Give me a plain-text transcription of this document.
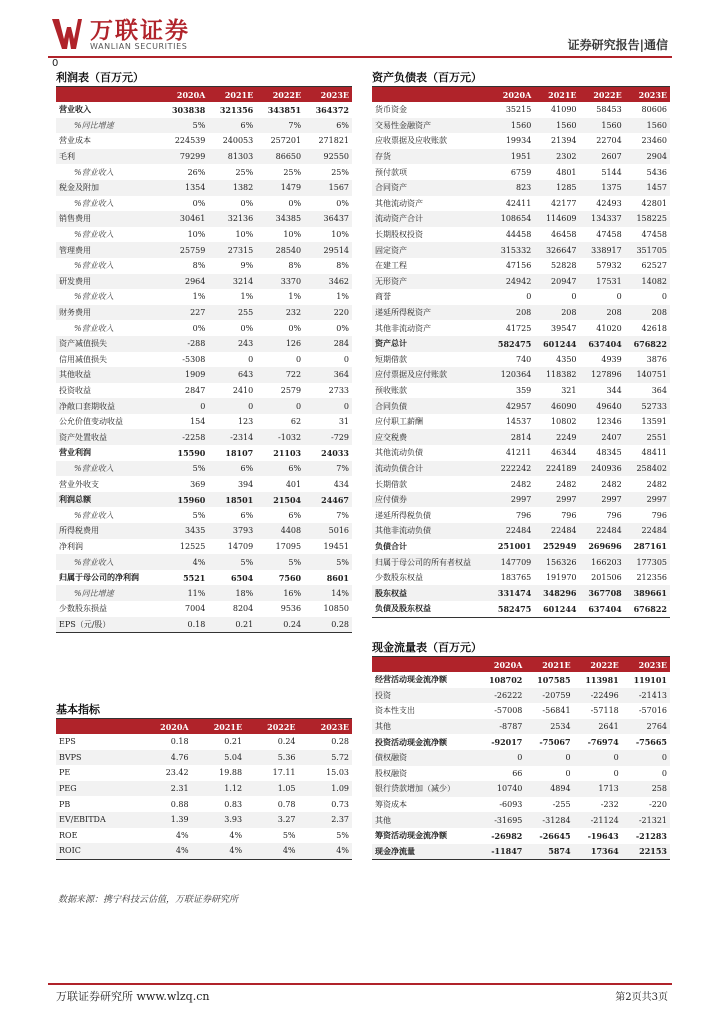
万联证券
WANLIAN SECURITIES	证券研究报告|通信
0
利润表（百万元）
	2020A	2021E	2022E	2023E
营业收入	303838	321356	343851	364372
%同比增速	5%	6%	7%	6%
营业成本	224539	240053	257201	271821
毛利	79299	81303	86650	92550
%营业收入	26%	25%	25%	25%
税金及附加	1354	1382	1479	1567
%营业收入	0%	0%	0%	0%
销售费用	30461	32136	34385	36437
%营业收入	10%	10%	10%	10%
管理费用	25759	27315	28540	29514
%营业收入	8%	9%	8%	8%
研发费用	2964	3214	3370	3462
%营业收入	1%	1%	1%	1%
财务费用	227	255	232	220
%营业收入	0%	0%	0%	0%
资产减值损失	-288	243	126	284
信用减值损失	-5308	0	0	0
其他收益	1909	643	722	364
投资收益	2847	2410	2579	2733
净敞口套期收益	0	0	0	0
公允价值变动收益	154	123	62	31
资产处置收益	-2258	-2314	-1032	-729
营业利润	15590	18107	21103	24033
%营业收入	5%	6%	6%	7%
营业外收支	369	394	401	434
利润总额	15960	18501	21504	24467
%营业收入	5%	6%	6%	7%
所得税费用	3435	3793	4408	5016
净利润	12525	14709	17095	19451
%营业收入	4%	5%	5%	5%
归属于母公司的净利润	5521	6504	7560	8601
%同比增速	11%	18%	16%	14%
少数股东损益	7004	8204	9536	10850
EPS（元/股）	0.18	0.21	0.24	0.28
资产负债表（百万元）
	2020A	2021E	2022E	2023E
货币资金	35215	41090	58453	80606
交易性金融资产	1560	1560	1560	1560
应收票据及应收账款	19934	21394	22704	23460
存货	1951	2302	2607	2904
预付款项	6759	4801	5144	5436
合同资产	823	1285	1375	1457
其他流动资产	42411	42177	42493	42801
流动资产合计	108654	114609	134337	158225
长期股权投资	44458	46458	47458	47458
固定资产	315332	326647	338917	351705
在建工程	47156	52828	57932	62527
无形资产	24942	20947	17531	14082
商誉	0	0	0	0
递延所得税资产	208	208	208	208
其他非流动资产	41725	39547	41020	42618
资产总计	582475	601244	637404	676822
短期借款	740	4350	4939	3876
应付票据及应付账款	120364	118382	127896	140751
预收账款	359	321	344	364
合同负债	42957	46090	49640	52733
应付职工薪酬	14537	10802	12346	13591
应交税费	2814	2249	2407	2551
其他流动负债	41211	46344	48345	48411
流动负债合计	222242	224189	240936	258402
长期借款	2482	2482	2482	2482
应付债券	2997	2997	2997	2997
递延所得税负债	796	796	796	796
其他非流动负债	22484	22484	22484	22484
负债合计	251001	252949	269696	287161
归属于母公司的所有者权益	147709	156326	166203	177305
少数股东权益	183765	191970	201506	212356
股东权益	331474	348296	367708	389661
负债及股东权益	582475	601244	637404	676822
现金流量表（百万元）
	2020A	2021E	2022E	2023E
经营活动现金流净额	108702	107585	113981	119101
投资	-26222	-20759	-22496	-21413
资本性支出	-57008	-56841	-57118	-57016
其他	-8787	2534	2641	2764
投资活动现金流净额	-92017	-75067	-76974	-75665
债权融资	0	0	0	0
股权融资	66	0	0	0
银行贷款增加（减少）	10740	4894	1713	258
筹资成本	-6093	-255	-232	-220
其他	-31695	-31284	-21124	-21321
筹资活动现金流净额	-26982	-26645	-19643	-21283
现金净流量	-11847	5874	17364	22153
基本指标
	2020A	2021E	2022E	2023E
EPS	0.18	0.21	0.24	0.28
BVPS	4.76	5.04	5.36	5.72
PE	23.42	19.88	17.11	15.03
PEG	2.31	1.12	1.05	1.09
PB	0.88	0.83	0.78	0.73
EV/EBITDA	1.39	3.93	3.27	2.37
ROE	4%	4%	5%	5%
ROIC	4%	4%	4%	4%
数据来源：携宁科技云估值，万联证券研究所
万联证券研究所 www.wlzq.cn	第2页共3页
